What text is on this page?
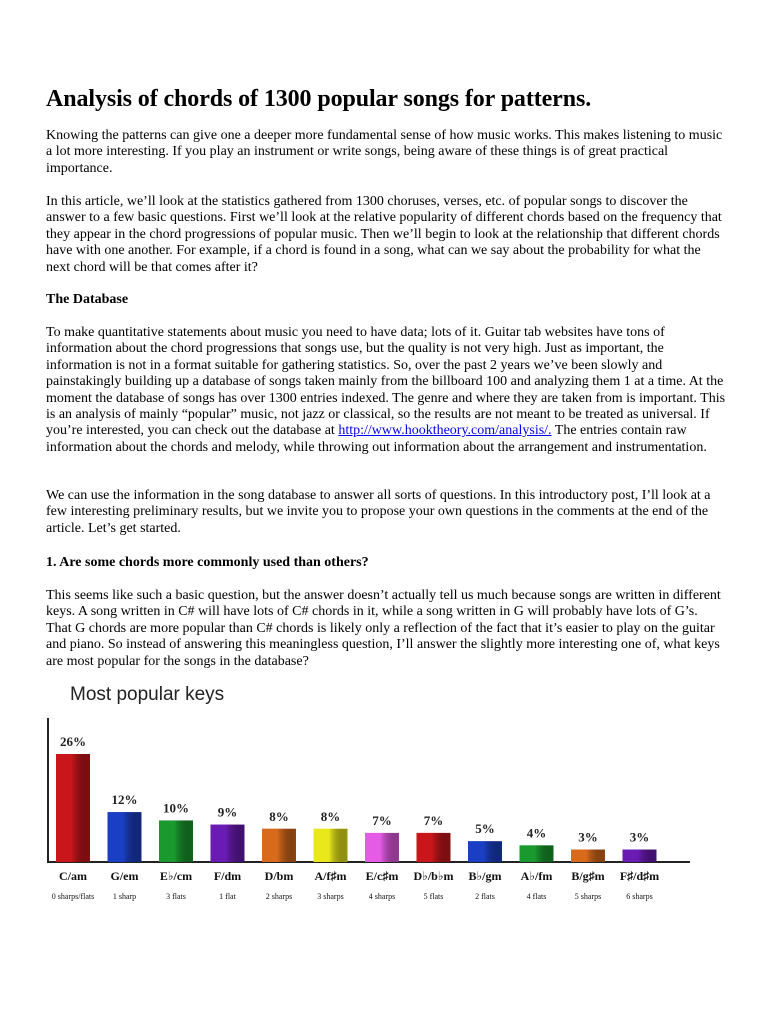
Analysis of chords of 1300 popular songs for patterns.

Knowing the patterns can give one a deeper more fundamental sense of how music works. This makes listening to music a lot more interesting. If you play an instrument or write songs, being aware of these things is of great practical importance.

In this article, we’ll look at the statistics gathered from 1300 choruses, verses, etc. of popular songs to discover the answer to a few basic questions. First we’ll look at the relative popularity of different chords based on the frequency that they appear in the chord progressions of popular music. Then we’ll begin to look at the relationship that different chords have with one another. For example, if a chord is found in a song, what can we say about the probability for what the next chord will be that comes after it?

The Database

To make quantitative statements about music you need to have data; lots of it. Guitar tab websites have tons of information about the chord progressions that songs use, but the quality is not very high. Just as important, the information is not in a format suitable for gathering statistics. So, over the past 2 years we’ve been slowly and painstakingly building up a database of songs taken mainly from the billboard 100 and analyzing them 1 at a time. At the moment the database of songs has over 1300 entries indexed. The genre and where they are taken from is important. This is an analysis of mainly “popular” music, not jazz or classical, so the results are not meant to be treated as universal. If you’re interested, you can check out the database at http://www.hooktheory.com/analysis/. The entries contain raw information about the chords and melody, while throwing out information about the arrangement and instrumentation.

We can use the information in the song database to answer all sorts of questions. In this introductory post, I’ll look at a few interesting preliminary results, but we invite you to propose your own questions in the comments at the end of the article. Let’s get started.

1. Are some chords more commonly used than others?

This seems like such a basic question, but the answer doesn’t actually tell us much because songs are written in different keys. A song written in C# will have lots of C# chords in it, while a song written in G will probably have lots of G’s. That G chords are more popular than C# chords is likely only a reflection of the fact that it’s easier to play on the guitar and piano. So instead of answering this meaningless question, I’ll answer the slightly more interesting one of, what keys are most popular for the songs in the database?

Most popular keys

26%
C/am
0 sharps/flats
12%
G/em
1 sharp
10%
E♭/cm
3 flats
9%
F/dm
1 flat
8%
D/bm
2 sharps
8%
A/f♯m
3 sharps
7%
E/c♯m
4 sharps
7%
D♭/b♭m
5 flats
5%
B♭/gm
2 flats
4%
A♭/fm
4 flats
3%
B/g♯m
5 sharps
3%
F♯/d♯m
6 sharps
